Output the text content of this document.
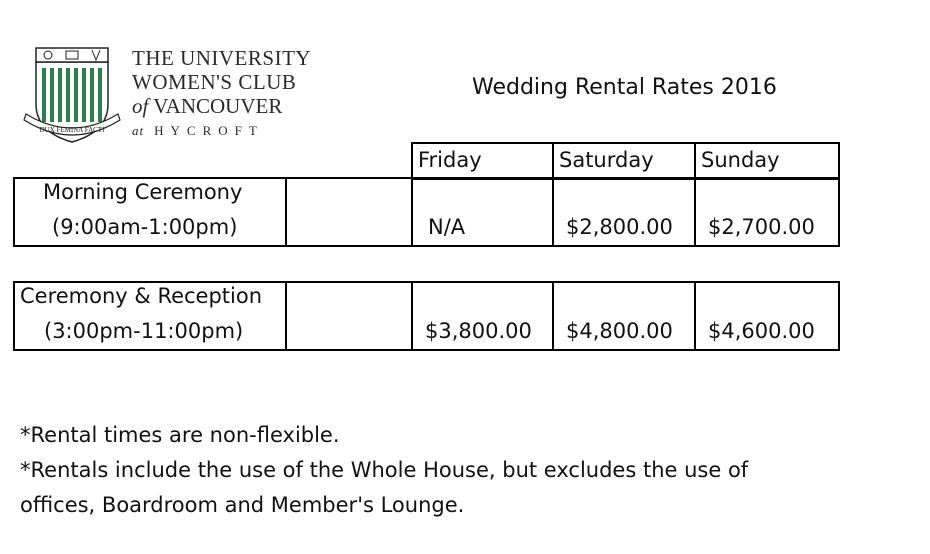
DUX FEMINA FACTI
THE UNIVERSITY
WOMEN'S CLUB
of VANCOUVER
at HYCROFT
Wedding Rental Rates 2016
Friday	Saturday Sunday
Morning Ceremony
(9:00am-1:00pm)	N/A	$2,800.00 $2,700.00
Ceremony & Reception
(3:00pm-11:00pm)	$3,800.00 $4,800.00 $4,600.00
*Rental times are non-flexible.
*Rentals include the use of the Whole House, but excludes the use of
offices, Boardroom and Member's Lounge.
